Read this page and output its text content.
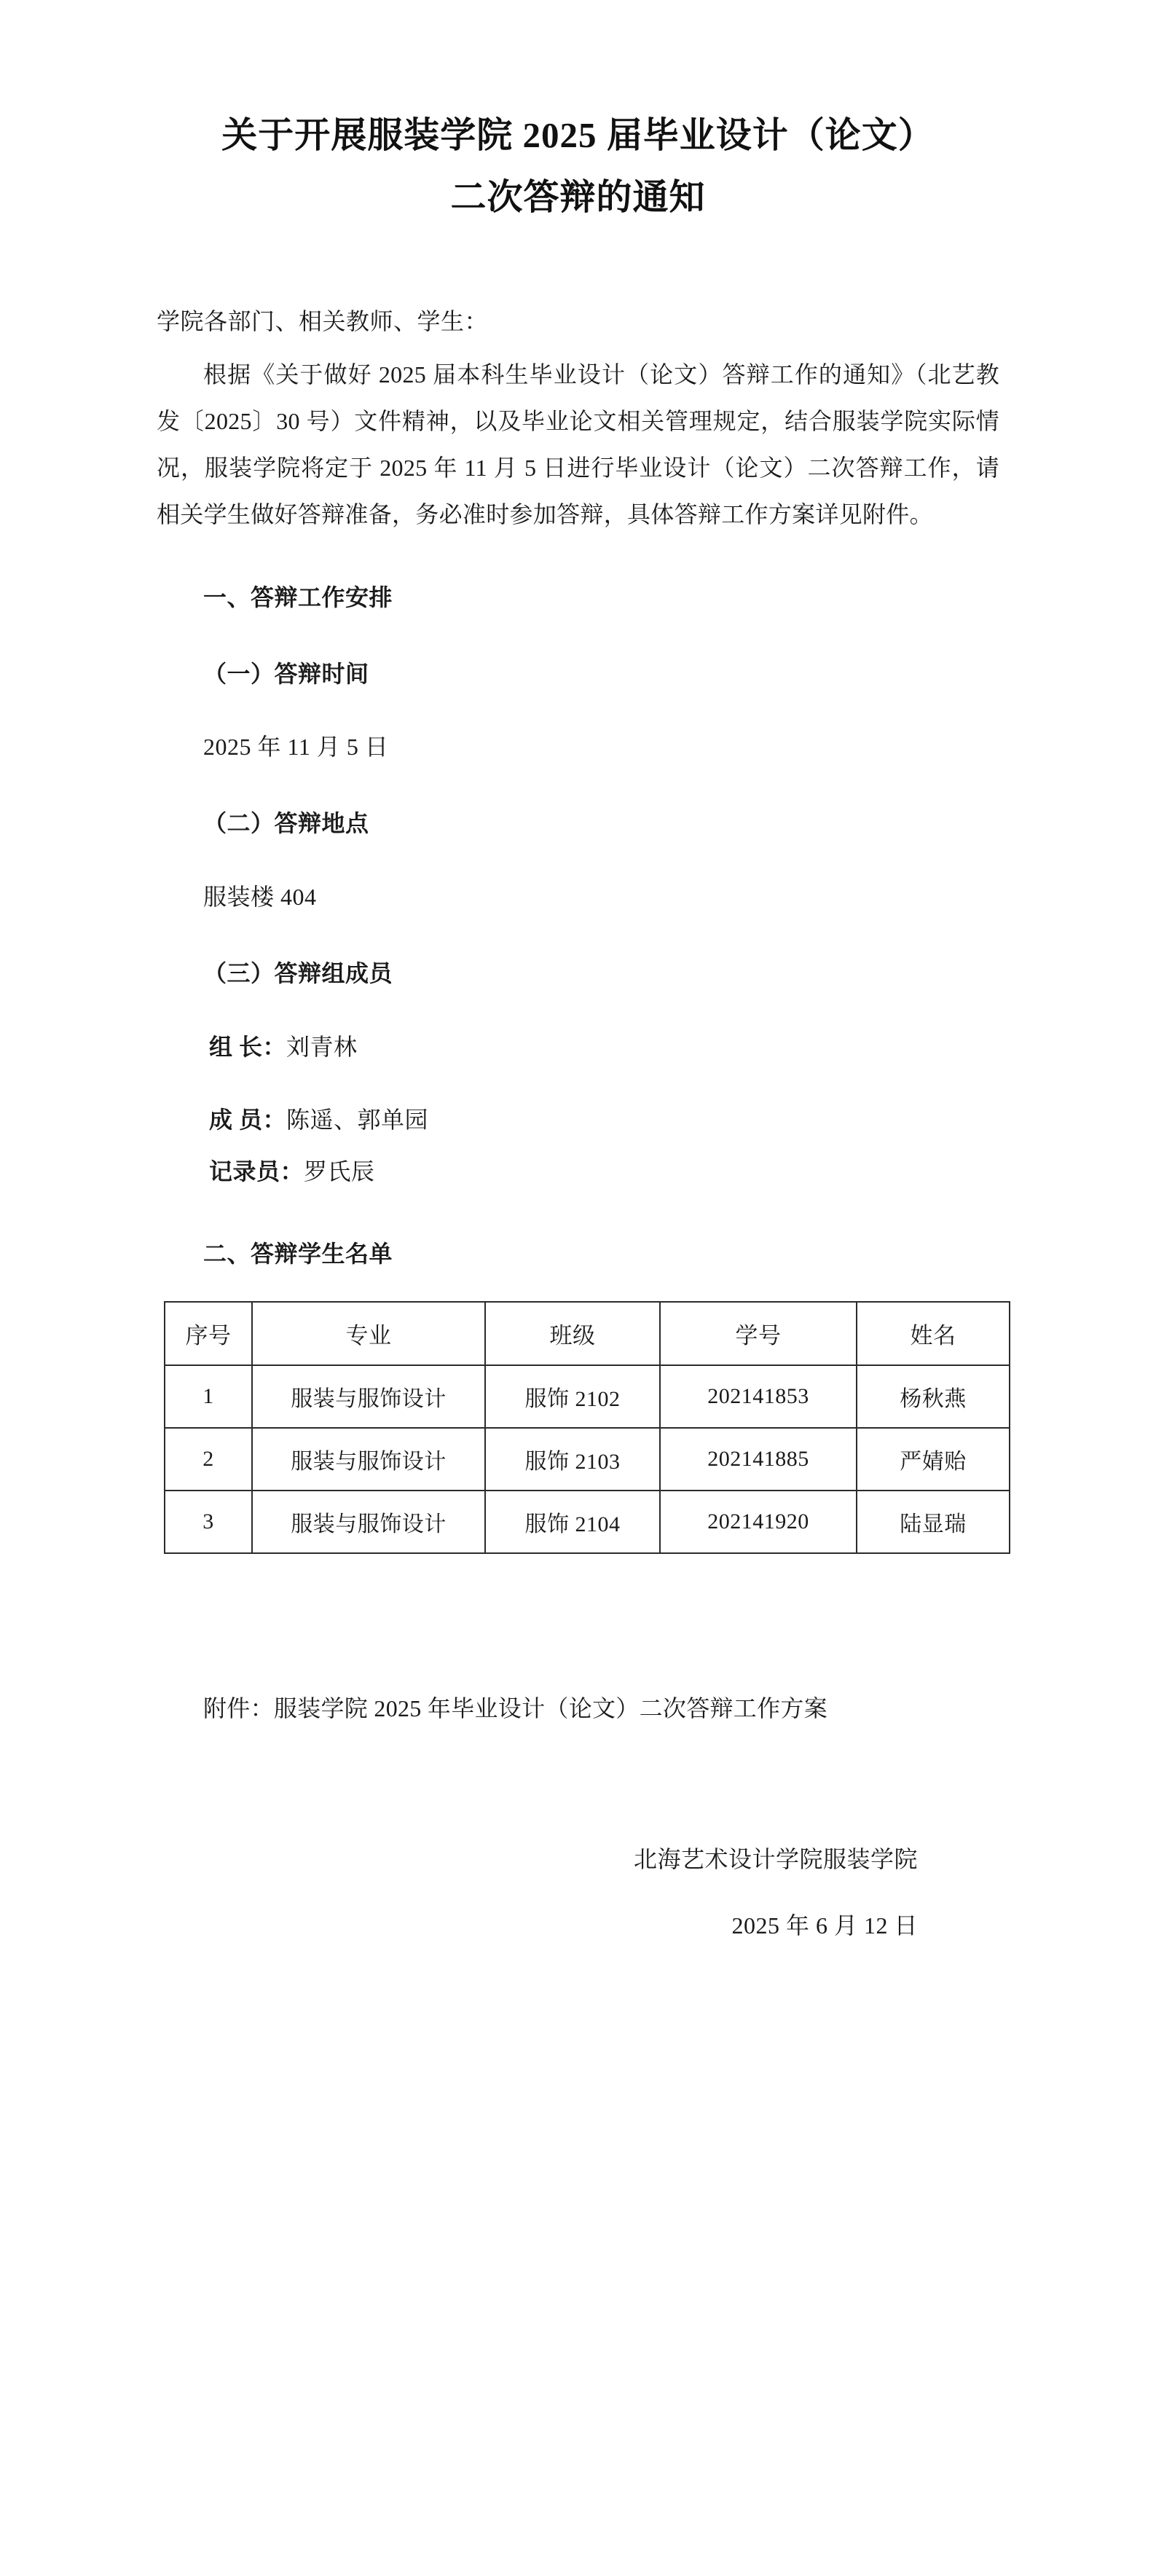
关于开展服装学院 2025 届毕业设计（论文）
二次答辩的通知
学院各部门、相关教师、学生：
根据《关于做好 2025 届本科生毕业设计（论文）答辩工作的通知》（北艺教发〔2025〕30 号）文件精神，以及毕业论文相关管理规定，结合服装学院实际情况，服装学院将定于 2025 年 11 月 5 日进行毕业设计（论文）二次答辩工作，请相关学生做好答辩准备，务必准时参加答辩，具体答辩工作方案详见附件。
一、答辩工作安排
（一）答辩时间
2025 年 11 月 5 日
（二）答辩地点
服装楼 404
（三）答辩组成员
组 长：刘青林
成 员：陈遥、郭单园
记录员：罗氏辰
二、答辩学生名单
序号	专业	班级	学号	姓名
1	服装与服饰设计	服饰 2102	202141853	杨秋燕
2	服装与服饰设计	服饰 2103	202141885	严婧贻
3	服装与服饰设计	服饰 2104	202141920	陆显瑞
附件：服装学院 2025 年毕业设计（论文）二次答辩工作方案
北海艺术设计学院服装学院
2025 年 6 月 12 日
